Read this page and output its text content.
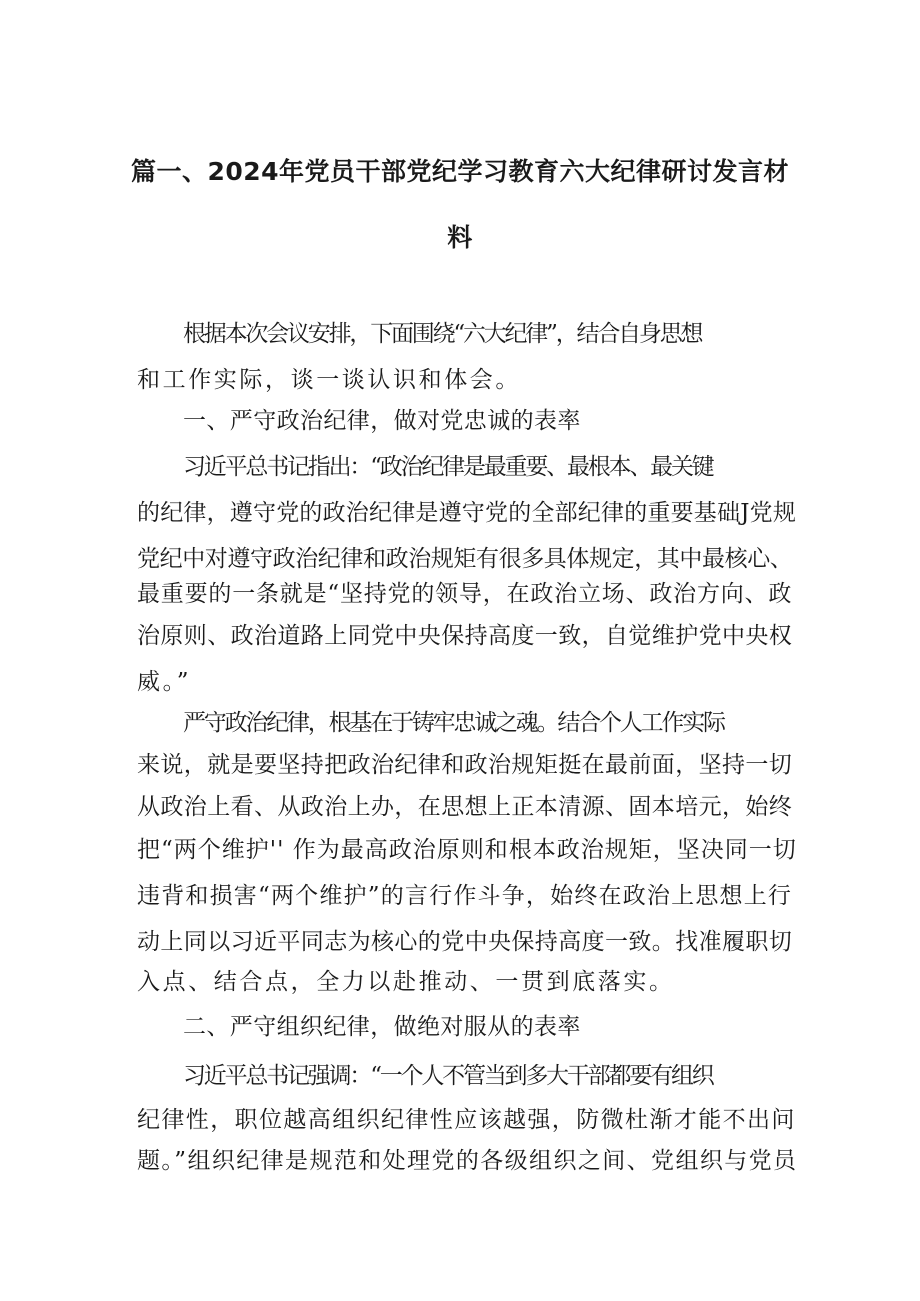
篇一、2024年党员干部党纪学习教育六大纪律研讨发言材
料
根据本次会议安排，下面围绕“六大纪律”，结合自身思想
和工作实际，谈一谈认识和体会。
一、严守政治纪律，做对党忠诚的表率
习近平总书记指出：“政治纪律是最重要、最根本、最关键
的纪律，遵守党的政治纪律是遵守党的全部纪律的重要基础J党规
党纪中对遵守政治纪律和政治规矩有很多具体规定，其中最核心、
最重要的一条就是“坚持党的领导，在政治立场、政治方向、政
治原则、政治道路上同党中央保持高度一致，自觉维护党中央权
威。”
严守政治纪律，根基在于铸牢忠诚之魂。结合个人工作实际
来说，就是要坚持把政治纪律和政治规矩挺在最前面，坚持一切
从政治上看、从政治上办，在思想上正本清源、固本培元，始终
把“两个维护'' 作为最高政治原则和根本政治规矩，坚决同一切
违背和损害“两个维护”的言行作斗争，始终在政治上思想上行
动上同以习近平同志为核心的党中央保持高度一致。找准履职切
入点、结合点，全力以赴推动、一贯到底落实。
二、严守组织纪律，做绝对服从的表率
习近平总书记强调：“一个人不管当到多大干部都要有组织
纪律性，职位越高组织纪律性应该越强，防微杜渐才能不出问
题。”组织纪律是规范和处理党的各级组织之间、党组织与党员
